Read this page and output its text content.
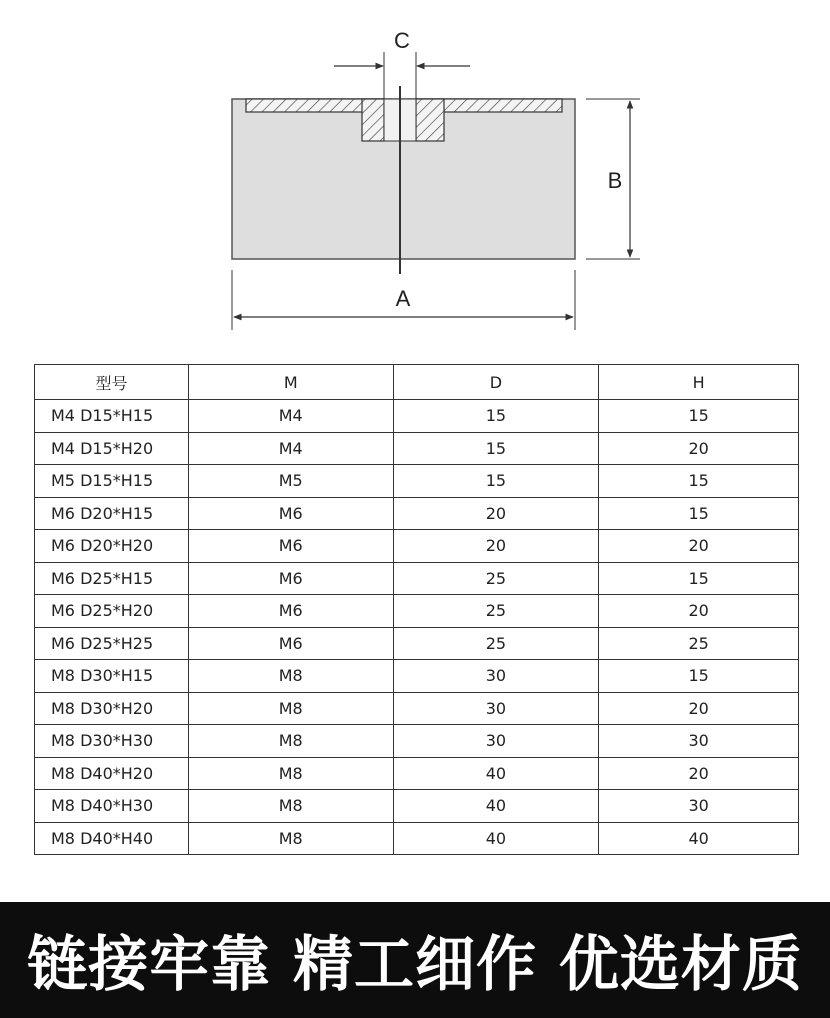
C
B
A
型号	M	D	H
M4 D15*H15	M4	15	15
M4 D15*H20	M4	15	20
M5 D15*H15	M5	15	15
M6 D20*H15	M6	20	15
M6 D20*H20	M6	20	20
M6 D25*H15	M6	25	15
M6 D25*H20	M6	25	20
M6 D25*H25	M6	25	25
M8 D30*H15	M8	30	15
M8 D30*H20	M8	30	20
M8 D30*H30	M8	30	30
M8 D40*H20	M8	40	20
M8 D40*H30	M8	40	30
M8 D40*H40	M8	40	40
链接牢靠 精工细作 优选材质
